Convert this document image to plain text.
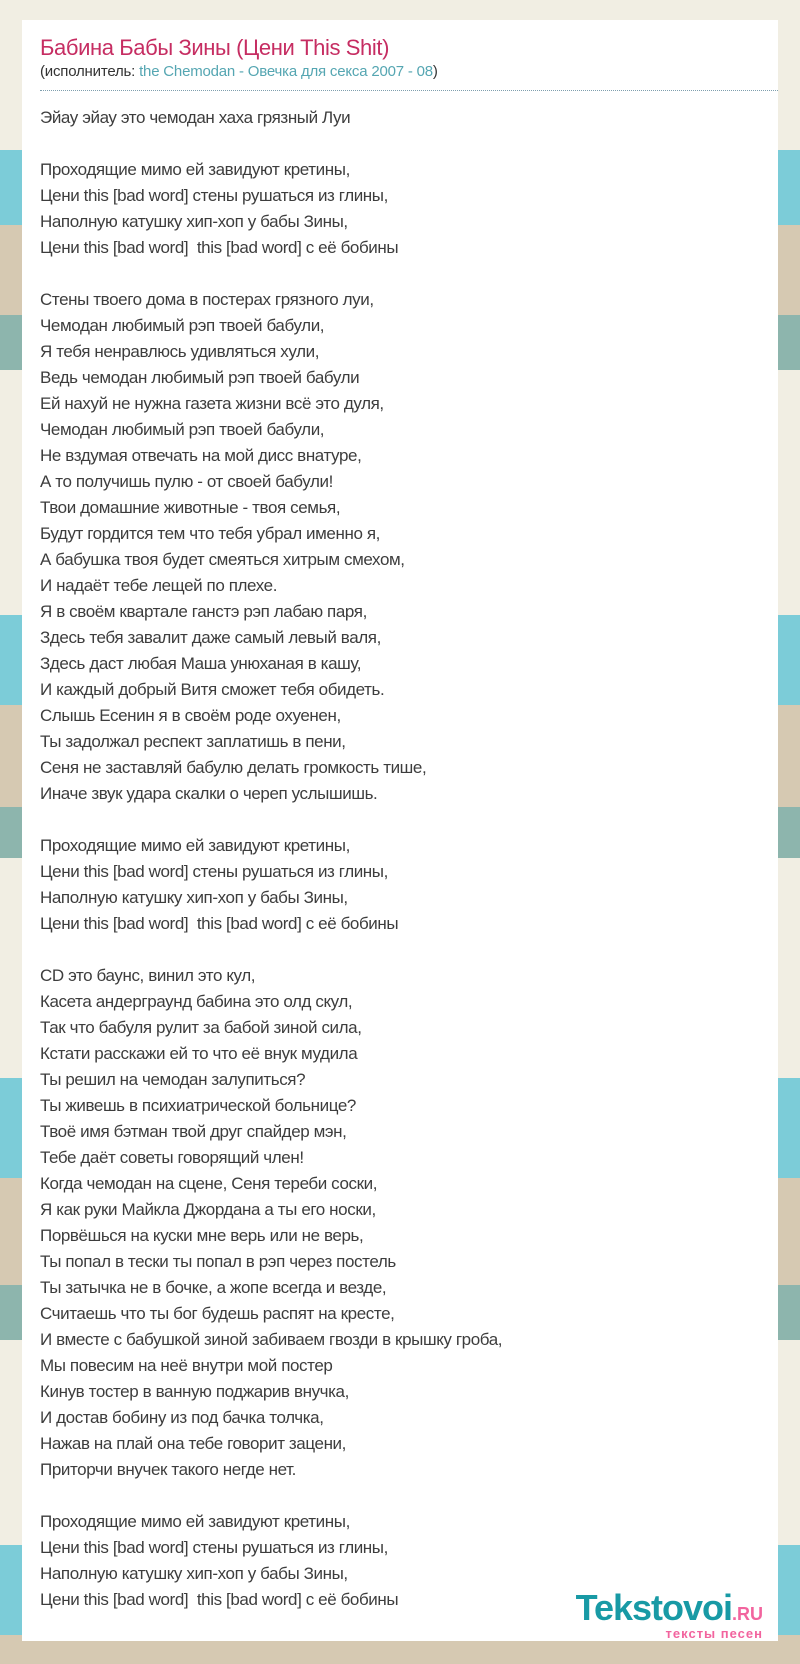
Бабина Бабы Зины (Цени This Shit)
(исполнитель: the Chemodan - Овечка для секса 2007 - 08)
Эйау эйау это чемодан хаха грязный Луи
Проходящие мимо ей завидуют кретины,
Цени this [bad word] стены рушаться из глины,
Наполную катушку хип-хоп у бабы Зины,
Цени this [bad word]  this [bad word] с её бобины
Стены твоего дома в постерах грязного луи,
Чемодан любимый рэп твоей бабули,
Я тебя ненравлюсь удивляться хули,
Ведь чемодан любимый рэп твоей бабули
Ей нахуй не нужна газета жизни всё это дуля,
Чемодан любимый рэп твоей бабули,
Не вздумая отвечать на мой дисс внатуре,
А то получишь пулю - от своей бабули!
Твои домашние животные - твоя семья,
Будут гордится тем что тебя убрал именно я,
А бабушка твоя будет смеяться хитрым смехом,
И надаёт тебе лещей по плехе.
Я в своём квартале ганстэ рэп лабаю паря,
Здесь тебя завалит даже самый левый валя,
Здесь даст любая Маша унюханая в кашу,
И каждый добрый Витя сможет тебя обидеть.
Слышь Есенин я в своём роде охуенен,
Ты задолжал респект заплатишь в пени,
Сеня не заставляй бабулю делать громкость тише,
Иначе звук удара скалки о череп услышишь.
Проходящие мимо ей завидуют кретины,
Цени this [bad word] стены рушаться из глины,
Наполную катушку хип-хоп у бабы Зины,
Цени this [bad word]  this [bad word] с её бобины
CD это баунс, винил это кул,
Касета андерграунд бабина это олд скул,
Так что бабуля рулит за бабой зиной сила,
Кстати расскажи ей то что её внук мудила
Ты решил на чемодан залупиться?
Ты живешь в психиатрической больнице?
Твоё имя бэтман твой друг спайдер мэн,
Тебе даёт советы говорящий член!
Когда чемодан на сцене, Сеня тереби соски,
Я как руки Майкла Джордана а ты его носки,
Порвёшься на куски мне верь или не верь,
Ты попал в тески ты попал в рэп через постель
Ты затычка не в бочке, а жопе всегда и везде,
Считаешь что ты бог будешь распят на кресте,
И вместе с бабушкой зиной забиваем гвозди в крышку гроба,
Мы повесим на неё внутри мой постер
Кинув тостер в ванную поджарив внучка,
И достав бобину из под бачка толчка,
Нажав на плай она тебе говорит зацени,
Приторчи внучек такого негде нет.
Проходящие мимо ей завидуют кретины,
Цени this [bad word] стены рушаться из глины,
Наполную катушку хип-хоп у бабы Зины,
Цени this [bad word]  this [bad word] с её бобины	Tekstovoi.RU
тексты песен
